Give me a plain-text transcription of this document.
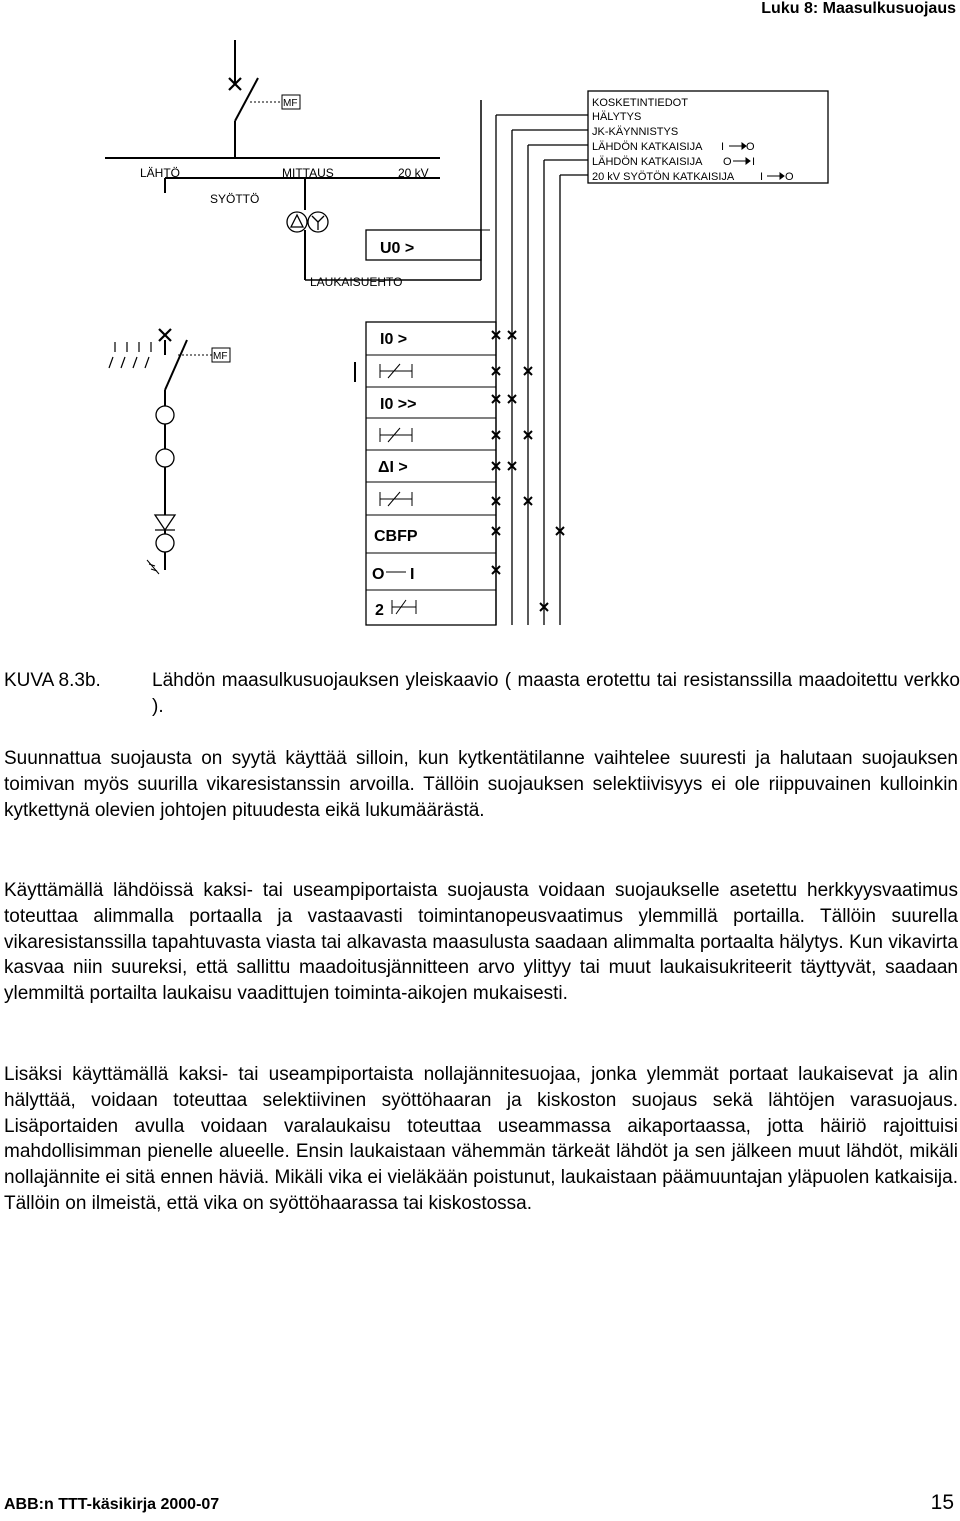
Luku 8: Maasulkusuojaus
MF
MF
LÄHTÖ
SYÖTTÖ
MITTAUS	20 kV
LAUKAISUEHTO
U0 >
KOSKETINTIEDOT
HÄLYTYS
JK-KÄYNNISTYS
LÄHDÖN KATKAISIJA I O
LÄHDÖN KATKAISIJA O I
20 kV SYÖTÖN KATKAISIJA I O
I0 >
I0 >>
ΔI >
CBFP
O I
2
KUVA 8.3b.	Lähdön maasulkusuojauksen yleiskaavio ( maasta erotettu tai resistanssilla maadoitettu verkko ).

Suunnattua suojausta on syytä käyttää silloin, kun kytkentätilanne vaihtelee suuresti ja halutaan suojauksen toimivan myös suurilla vikaresistanssin arvoilla. Tällöin suojauksen selektiivisyys ei ole riippuvainen kulloinkin kytkettynä olevien johtojen pituudesta eikä lukumäärästä.

Käyttämällä lähdöissä kaksi- tai useampiportaista suojausta voidaan suojaukselle asetettu herkkyysvaatimus toteuttaa alimmalla portaalla ja vastaavasti toimintanopeusvaatimus ylemmillä portailla. Tällöin suurella vikaresistanssilla tapahtuvasta viasta tai alkavasta maasulusta saadaan alimmalta portaalta hälytys. Kun vikavirta kasvaa niin suureksi, että sallittu maadoitusjännitteen arvo ylittyy tai muut laukaisukriteerit täyttyvät, saadaan ylemmiltä portailta laukaisu vaadittujen toiminta-aikojen mukaisesti.

Lisäksi käyttämällä kaksi- tai useampiportaista nollajännitesuojaa, jonka ylemmät portaat laukaisevat ja alin hälyttää, voidaan toteuttaa selektiivinen syöttöhaaran ja kiskoston suojaus sekä lähtöjen varasuojaus. Lisäportaiden avulla voidaan varalaukaisu toteuttaa useammassa aikaportaassa, jotta häiriö rajoittuisi mahdollisimman pienelle alueelle. Ensin laukaistaan vähemmän tärkeät lähdöt ja sen jälkeen muut lähdöt, mikäli nollajännite ei sitä ennen häviä. Mikäli vika ei vieläkään poistunut, laukaistaan päämuuntajan yläpuolen katkaisija. Tällöin on ilmeistä, että vika on syöttöhaarassa tai kiskostossa.

ABB:n TTT-käsikirja 2000-07	15
